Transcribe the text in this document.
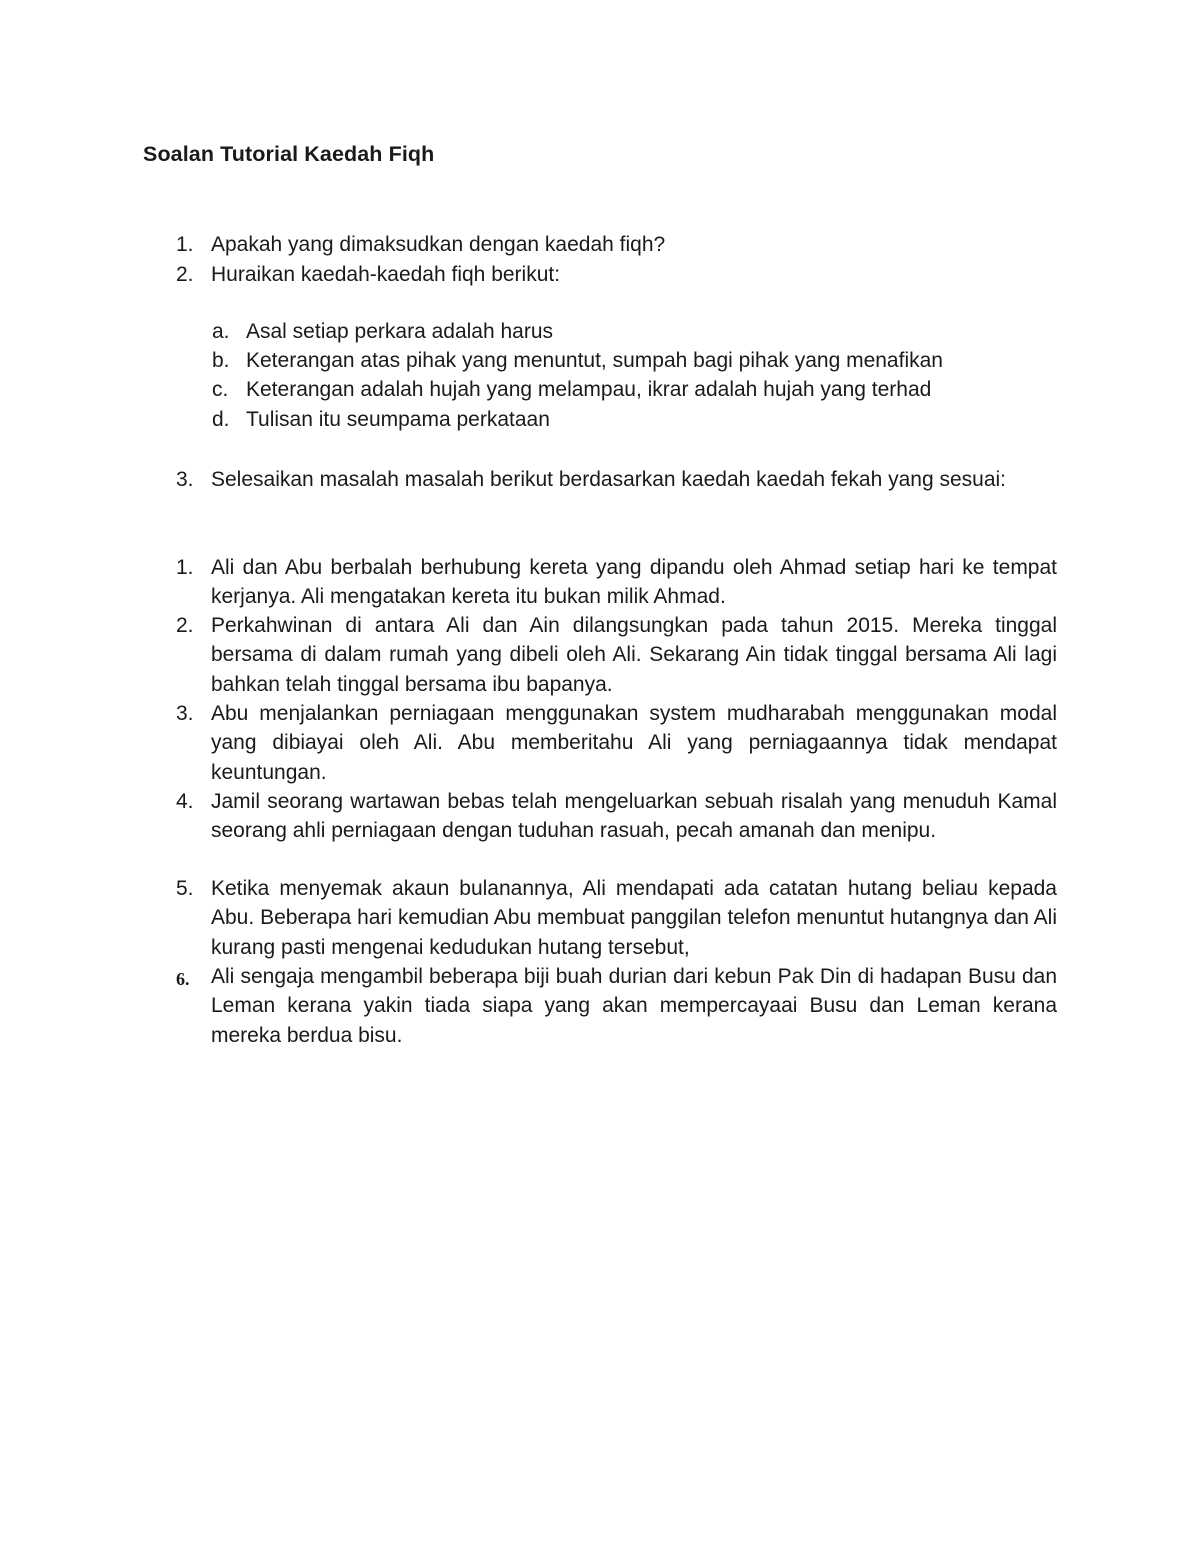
Soalan Tutorial Kaedah Fiqh
1. Apakah yang dimaksudkan dengan kaedah fiqh?
2. Huraikan kaedah-kaedah fiqh berikut:
a. Asal setiap perkara adalah harus
b. Keterangan atas pihak yang menuntut, sumpah bagi pihak yang menafikan
c. Keterangan adalah hujah yang melampau, ikrar adalah hujah yang terhad
d. Tulisan itu seumpama perkataan
3. Selesaikan masalah masalah berikut berdasarkan kaedah kaedah fekah yang sesuai:
1. Ali dan Abu berbalah berhubung kereta yang dipandu oleh Ahmad setiap hari ke tempat kerjanya. Ali mengatakan kereta itu bukan milik Ahmad.
2. Perkahwinan di antara Ali dan Ain dilangsungkan pada tahun 2015. Mereka tinggal bersama di dalam rumah yang dibeli oleh Ali. Sekarang Ain tidak tinggal bersama Ali lagi bahkan telah tinggal bersama ibu bapanya.
3. Abu menjalankan perniagaan menggunakan system mudharabah menggunakan modal yang dibiayai oleh Ali. Abu memberitahu Ali yang perniagaannya tidak mendapat keuntungan.
4. Jamil seorang wartawan bebas telah mengeluarkan sebuah risalah yang menuduh Kamal seorang ahli perniagaan dengan tuduhan rasuah, pecah amanah dan menipu.
5. Ketika menyemak akaun bulanannya, Ali mendapati ada catatan hutang beliau kepada Abu. Beberapa hari kemudian Abu membuat panggilan telefon menuntut hutangnya dan Ali kurang pasti mengenai kedudukan hutang tersebut,
6.	Ali sengaja mengambil beberapa biji buah durian dari kebun Pak Din di hadapan Busu dan Leman kerana yakin tiada siapa yang akan mempercayaai Busu dan Leman kerana mereka berdua bisu.
